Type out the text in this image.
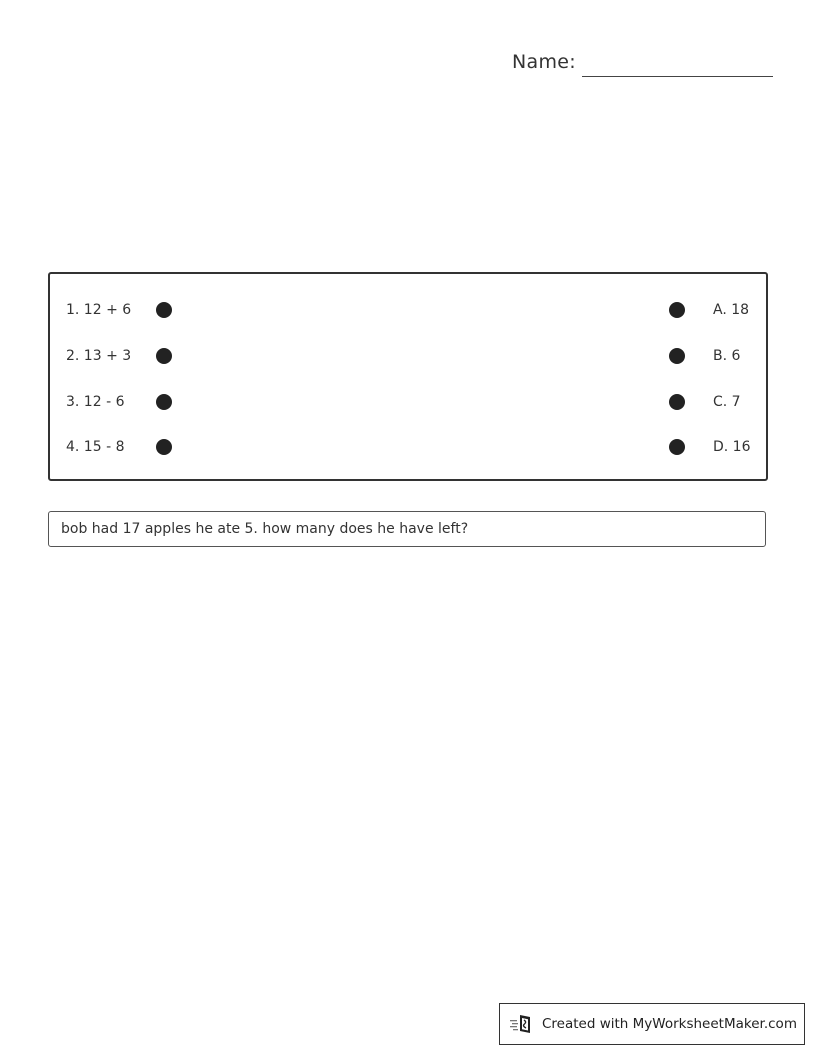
Name:
1. 12 + 6	A. 18
2. 13 + 3	B. 6
3. 12 - 6	C. 7
4. 15 - 8	D. 16
bob had 17 apples he ate 5. how many does he have left?
Created with MyWorksheetMaker.com
